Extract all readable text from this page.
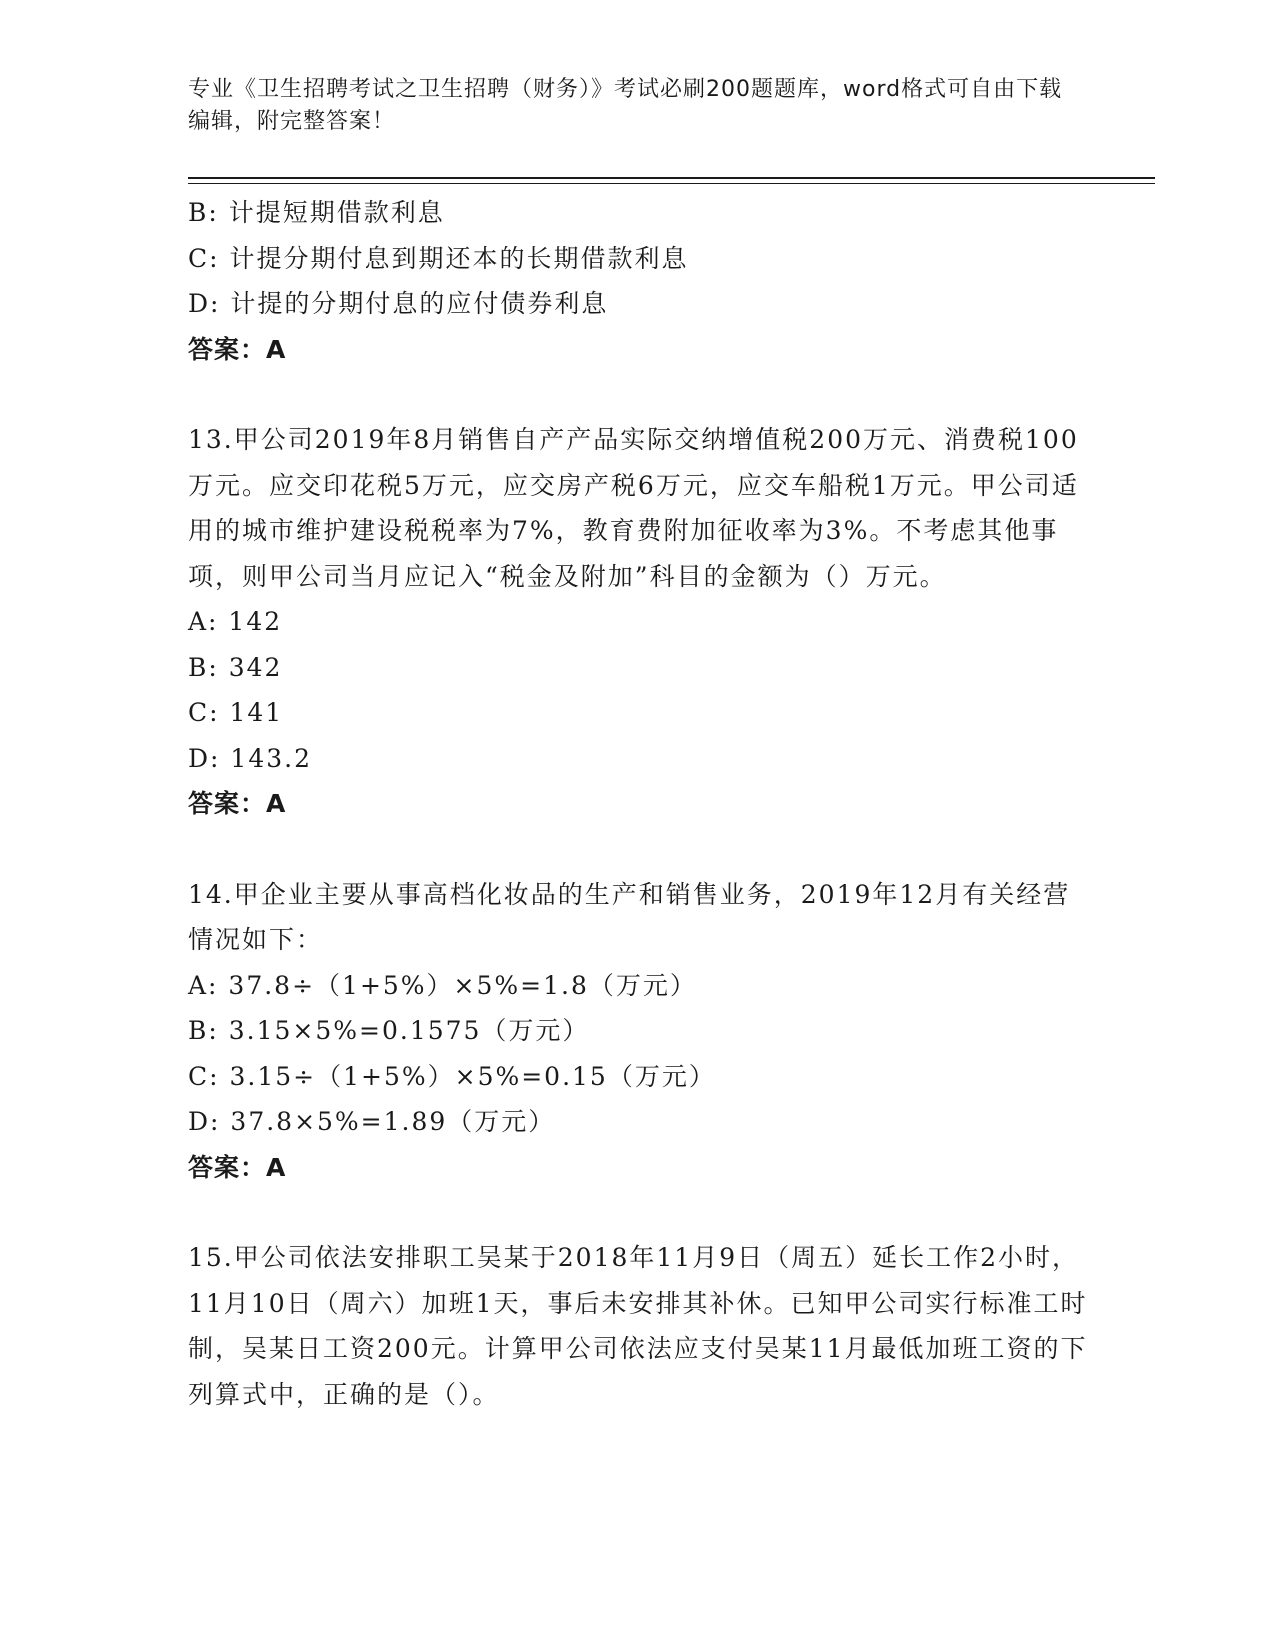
专业《卫生招聘考试之卫生招聘（财务）》考试必刷200题题库，word格式可自由下载编辑，附完整答案！

B: 计提短期借款利息

C: 计提分期付息到期还本的长期借款利息

D: 计提的分期付息的应付债券利息

答案：A

13.甲公司2019年8月销售自产产品实际交纳增值税200万元、消费税100万元。应交印花税5万元，应交房产税6万元，应交车船税1万元。甲公司适用的城市维护建设税税率为7%，教育费附加征收率为3%。不考虑其他事项，则甲公司当月应记入“税金及附加”科目的金额为（）万元。

A: 142

B: 342

C: 141

D: 143.2

答案：A

14.甲企业主要从事高档化妆品的生产和销售业务，2019年12月有关经营情况如下：

A: 37.8÷（1+5%）×5%=1.8（万元）

B: 3.15×5%=0.1575（万元）

C: 3.15÷（1+5%）×5%=0.15（万元）

D: 37.8×5%=1.89（万元）

答案：A

15.甲公司依法安排职工吴某于2018年11月9日（周五）延长工作2小时，11月10日（周六）加班1天，事后未安排其补休。已知甲公司实行标准工时制，吴某日工资200元。计算甲公司依法应支付吴某11月最低加班工资的下列算式中，正确的是（）。
